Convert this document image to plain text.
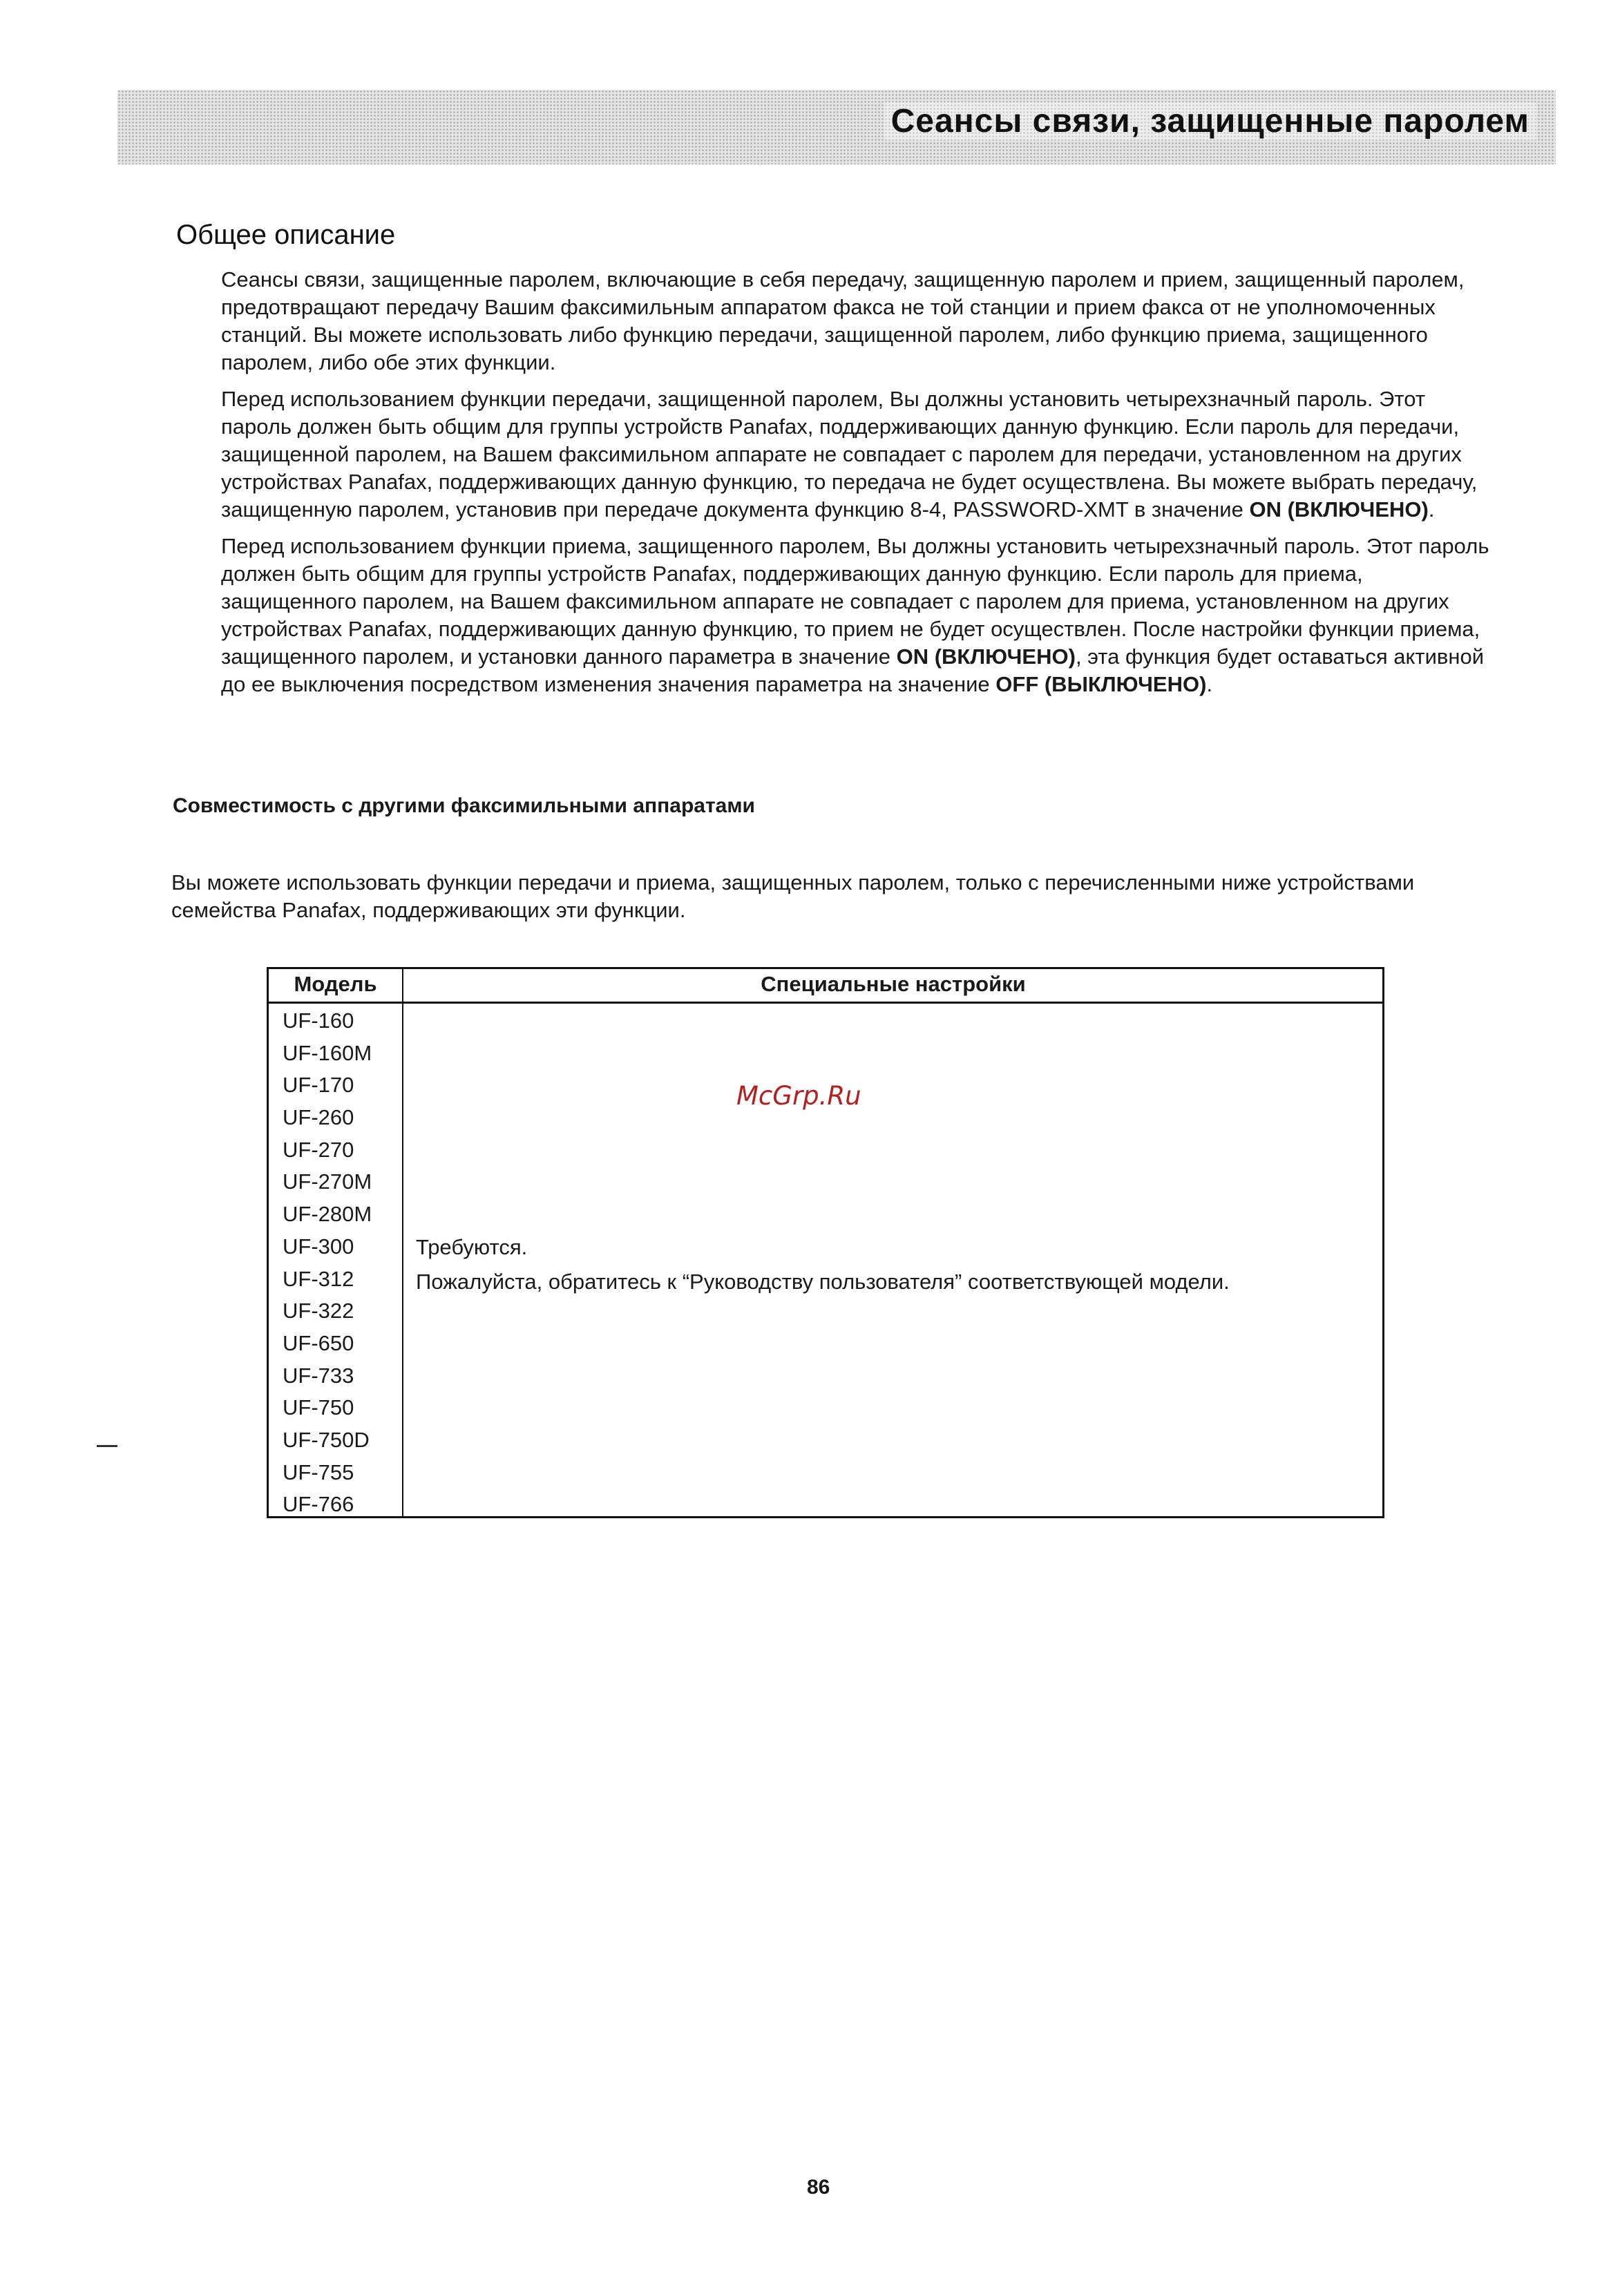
Сеансы связи, защищенные паролем
Общее описание

Сеансы связи, защищенные паролем, включающие в себя передачу, защищенную паролем и прием, защищенный паролем, предотвращают передачу Вашим факсимильным аппаратом факса не той станции и прием факса от не уполномоченных станций. Вы можете использовать либо функцию передачи, защищенной паролем, либо функцию приема, защищенного паролем, либо обе этих функции.

Перед использованием функции передачи, защищенной паролем, Вы должны установить четырехзначный пароль. Этот пароль должен быть общим для группы устройств Panafax, поддерживающих данную функцию. Если пароль для передачи, защищенной паролем, на Вашем факсимильном аппарате не совпадает с паролем для передачи, установленном на других устройствах Panafax, поддерживающих данную функцию, то передача не будет осуществлена. Вы можете выбрать передачу, защищенную паролем, установив при передаче документа функцию 8-4, PASSWORD-XMT в значение ON (ВКЛЮЧЕНО).

Перед использованием функции приема, защищенного паролем, Вы должны установить четырехзначный пароль. Этот пароль должен быть общим для группы устройств Panafax, поддерживающих данную функцию. Если пароль для приема, защищенного паролем, на Вашем факсимильном аппарате не совпадает с паролем для приема, установленном на других устройствах Panafax, поддерживающих данную функцию, то прием не будет осуществлен. После настройки функции приема, защищенного паролем, и установки данного параметра в значение ON (ВКЛЮЧЕНО), эта функция будет оставаться активной до ее выключения посредством изменения значения параметра на значение OFF (ВЫКЛЮЧЕНО).

Совместимость с другими факсимильными аппаратами
Вы можете использовать функции передачи и приема, защищенных паролем, только с перечисленными ниже устройствами семейства Panafax, поддерживающих эти функции.
Модель	Специальные настройки
UF-160
UF-160M
UF-170
UF-260
UF-270
UF-270M
UF-280M
UF-300
UF-312
UF-322
UF-650
UF-733
UF-750
UF-750D
UF-755
UF-766
Требуются.
Пожалуйста, обратитесь к “Руководству пользователя” соответствующей модели.
McGrp.Ru
86
